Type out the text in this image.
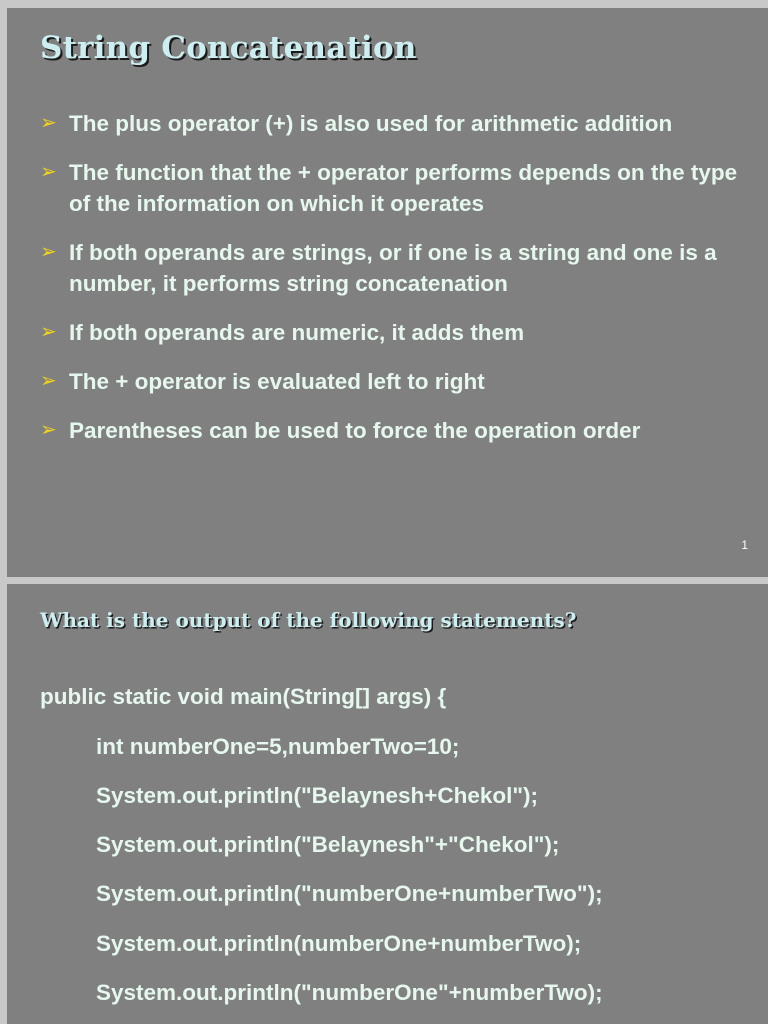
String Concatenation
➢ The plus operator (+) is also used for arithmetic addition
➢ The function that the + operator performs depends on the type of the information on which it operates
➢ If both operands are strings, or if one is a string and one is a number, it performs string concatenation
➢ If both operands are numeric, it adds them
➢ The + operator is evaluated left to right
➢ Parentheses can be used to force the operation order
1
What is the output of the following statements?
public static void main(String[] args) {
int numberOne=5,numberTwo=10;
System.out.println("Belaynesh+Chekol");
System.out.println("Belaynesh"+"Chekol");
System.out.println("numberOne+numberTwo");
System.out.println(numberOne+numberTwo);
System.out.println("numberOne"+numberTwo);
